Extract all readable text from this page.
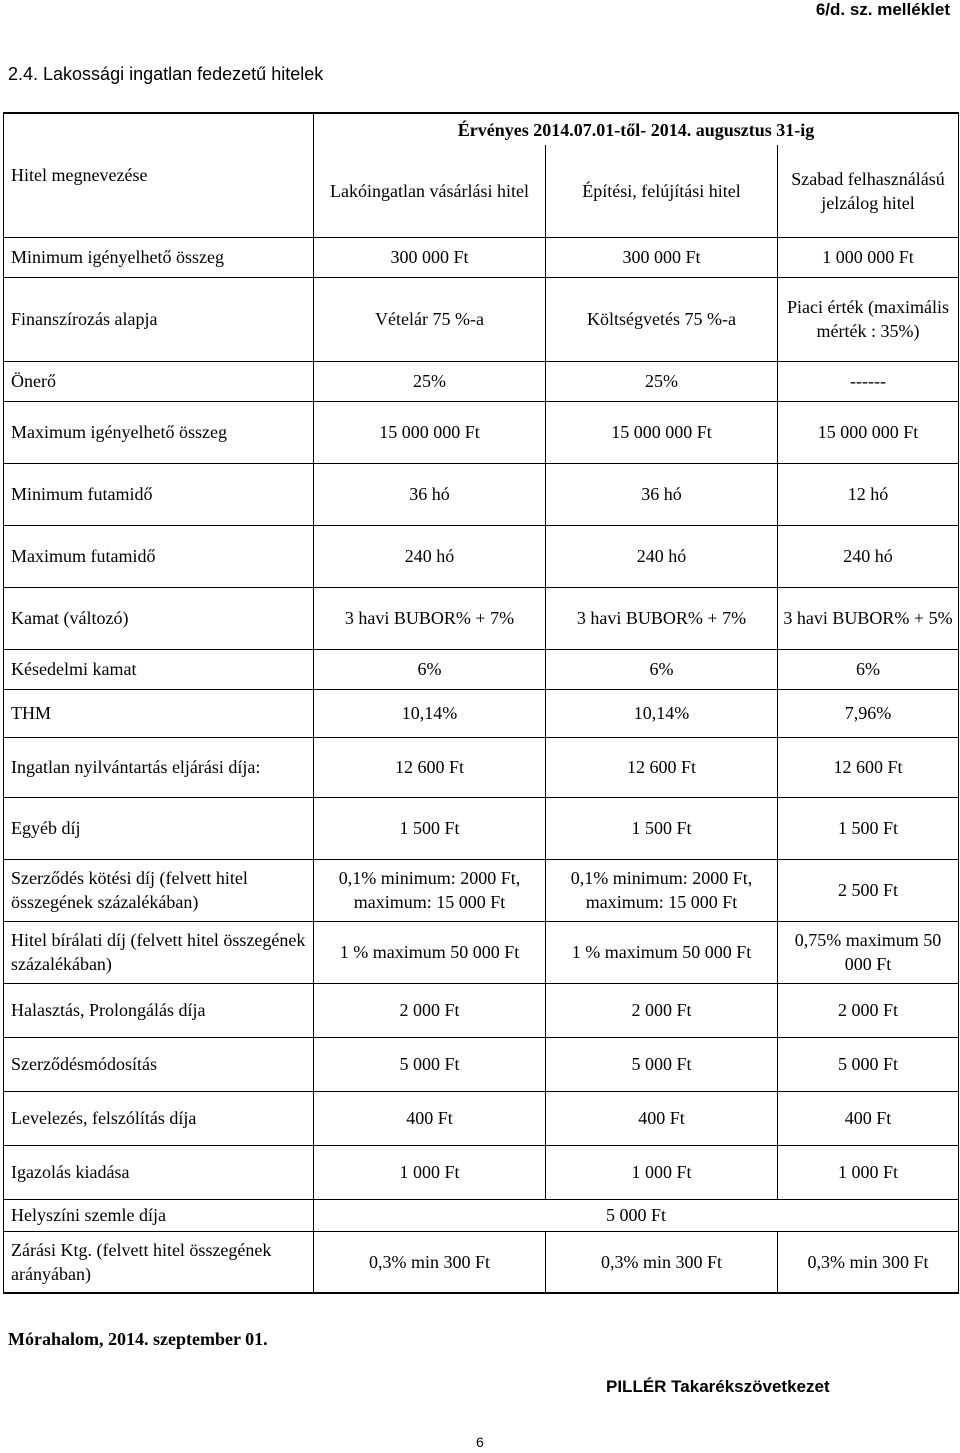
6/d. sz. melléklet
2.4. Lakossági ingatlan fedezetű hitelek
Hitel megnevezése	Érvényes 2014.07.01-től- 2014. augusztus 31-ig		
	Lakóingatlan vásárlási hitel	Építési, felújítási hitel	Szabad felhasználású jelzálog hitel
Minimum igényelhető összeg	300 000 Ft	300 000 Ft	1 000 000 Ft
Finanszírozás alapja	Vételár 75 %-a	Költségvetés 75 %-a	Piaci érték (maximális mérték : 35%)
Önerő	25%	25%	------
Maximum igényelhető összeg	15 000 000 Ft	15 000 000 Ft	15 000 000 Ft
Minimum futamidő	36 hó	36 hó	12 hó
Maximum futamidő	240 hó	240 hó	240 hó
Kamat (változó)	3 havi BUBOR% + 7%	3 havi BUBOR% + 7%	3 havi BUBOR% + 5%
Késedelmi kamat	6%	6%	6%
THM	10,14%	10,14%	7,96%
Ingatlan nyilvántartás eljárási díja:	12 600 Ft	12 600 Ft	12 600 Ft
Egyéb díj	1 500 Ft	1 500 Ft	1 500 Ft
Szerződés kötési díj (felvett hitel összegének százalékában)	0,1% minimum: 2000 Ft, maximum: 15 000 Ft	0,1% minimum: 2000 Ft, maximum: 15 000 Ft	2 500 Ft
Hitel bírálati díj (felvett hitel összegének százalékában)	1 % maximum 50 000 Ft	1 % maximum 50 000 Ft	0,75% maximum 50 000 Ft
Halasztás, Prolongálás díja	2 000 Ft	2 000 Ft	2 000 Ft
Szerződésmódosítás	5 000 Ft	5 000 Ft	5 000 Ft
Levelezés, felszólítás díja	400 Ft	400 Ft	400 Ft
Igazolás kiadása	1 000 Ft	1 000 Ft	1 000 Ft
Helyszíni szemle díja	5 000 Ft		
Zárási Ktg. (felvett hitel összegének arányában)	0,3% min 300 Ft	0,3% min 300 Ft	0,3% min 300 Ft
Mórahalom, 2014. szeptember 01.
PILLÉR Takarékszövetkezet
6
